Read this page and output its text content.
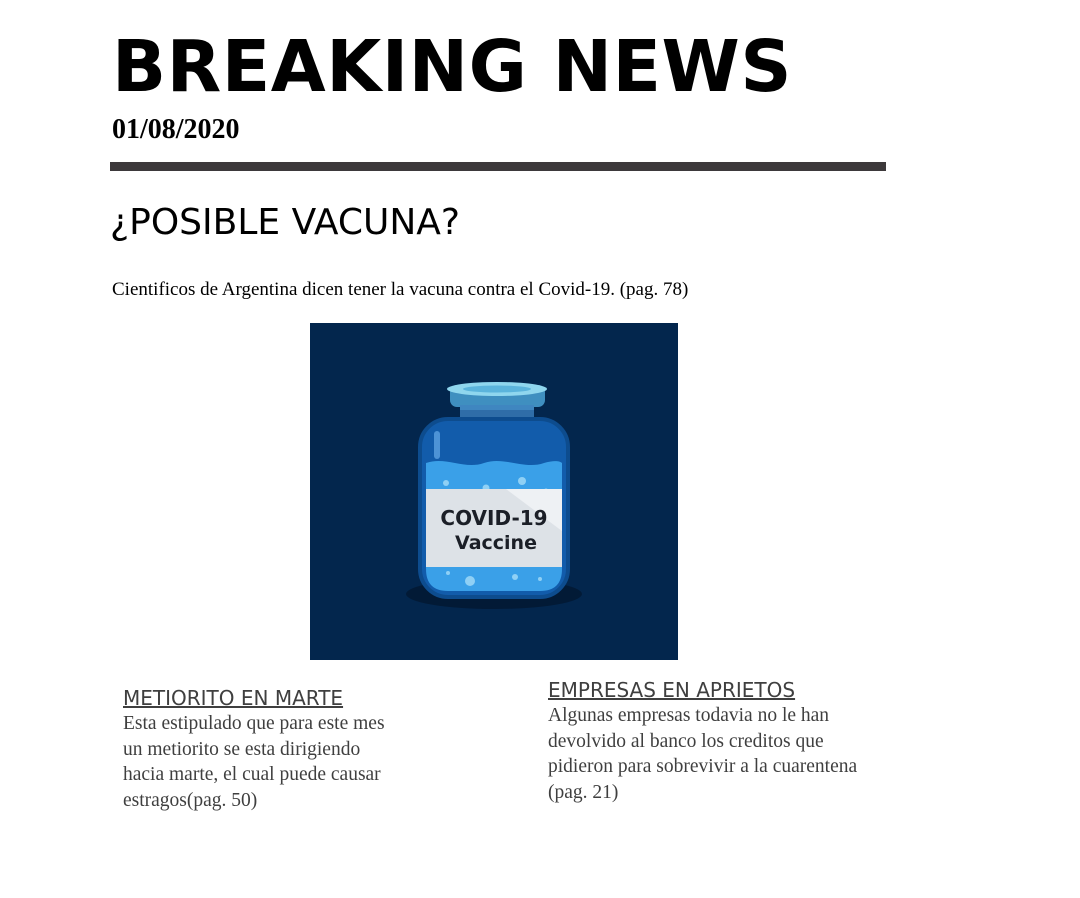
BREAKING NEWS
01/08/2020
¿POSIBLE VACUNA?
Cientificos de Argentina dicen tener la vacuna contra el Covid-19. (pag. 78)
COVID-19
Vaccine
METIORITO EN MARTE
Esta estipulado que para este mes un metiorito se esta dirigiendo hacia marte, el cual puede causar estragos(pag. 50)
EMPRESAS EN APRIETOS
Algunas empresas todavia no le han devolvido al banco los creditos que pidieron para sobrevivir a la cuarentena (pag. 21)
